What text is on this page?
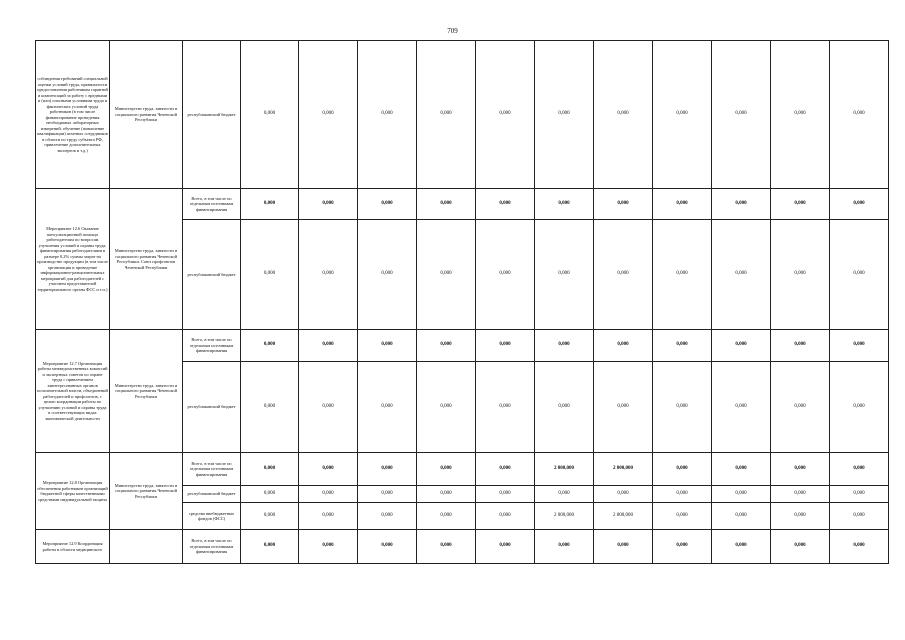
709
соблюдения требований специальной оценки условий труда, правильности предоставления работникам гарантий и компенсаций за работу с вредными и (или) опасными условиями труда и фактических условий труда работников (в том числе финансирование проведения необходимых лабораторных измерений, обучение (повышение квалификации) штатных сотрудников в области по труду субъекта РФ, привлечение дополнительных экспертов и т.д.)	Министерство труда, занятости и социального развития Чеченской Республики	республиканский бюджет	0,000	0,000	0,000	0,000	0,000	0,000	0,000	0,000	0,000	0,000	0,000
Мероприятие 12.6 Оказание консультационной помощи работодателям по вопросам улучшения условий и охраны труда, финансирования работодателями в размере 0,2% суммы затрат на производство продукции (в том числе организация и проведение информационно-разъяснительных мероприятий для работодателей с участием представителей территориального органа ФСС и т.п.)	Министерство труда, занятости и социального развития Чеченской Республики. Союз профсоюзов Чеченской Республики	Всего, в том числе по отдельным источникам финансирования	0,000	0,000	0,000	0,000	0,000	0,000	0,000	0,000	0,000	0,000	0,000
		республиканский бюджет	0,000	0,000	0,000	0,000	0,000	0,000	0,000	0,000	0,000	0,000	0,000
Мероприятие 12.7 Организация работы межведомственных комиссий и экспертных советов по охране труда с привлечением заинтересованных органов исполнительной власти, объединений работодателей и профсоюзов, с целью координации работы по улучшению условий и охраны труда в соответствующих видах экономической деятельности	Министерство труда, занятости и социального развития Чеченской Республики	Всего, в том числе по отдельным источникам финансирования	0,000	0,000	0,000	0,000	0,000	0,000	0,000	0,000	0,000	0,000	0,000
		республиканский бюджет	0,000	0,000	0,000	0,000	0,000	0,000	0,000	0,000	0,000	0,000	0,000
Мероприятие 12.8 Организация обеспечения работников организаций бюджетной сферы качественными средствами индивидуальной защиты	Министерство труда, занятости и социального развития Чеченской Республики	Всего, в том числе по отдельным источникам финансирования	0,000	0,000	0,000	0,000	0,000	2 000,000	2 000,000	0,000	0,000	0,000	0,000
		республиканский бюджет	0,000	0,000	0,000	0,000	0,000	0,000	0,000	0,000	0,000	0,000	0,000
		средства внебюджетных фондов (ФСС)	0,000	0,000	0,000	0,000	0,000	2 000,000	2 000,000	0,000	0,000	0,000	0,000
Мероприятие 12.9 Координация работы в области медицинского		Всего, в том числе по отдельным источникам финансирования	0,000	0,000	0,000	0,000	0,000	0,000	0,000	0,000	0,000	0,000	0,000
